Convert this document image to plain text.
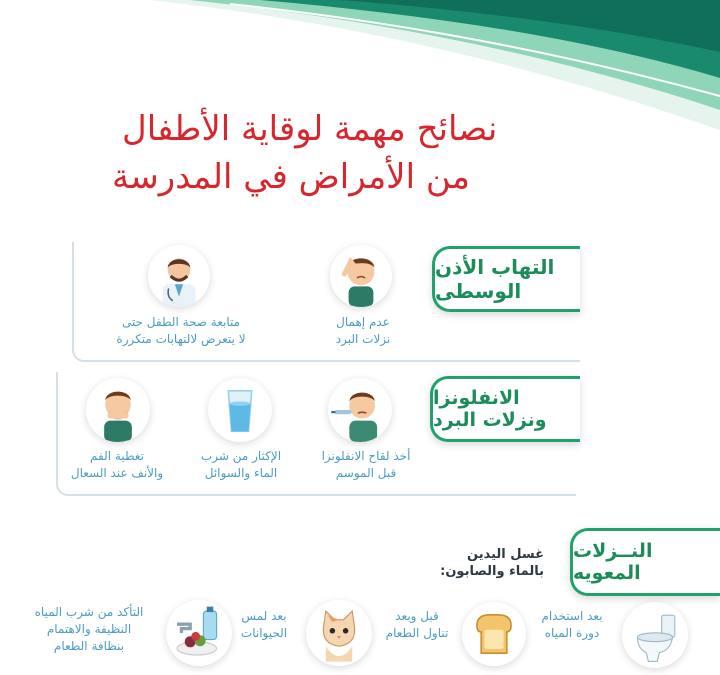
نصائح مهمة لوقاية الأطفال
من الأمراض في المدرسة
التهاب الأذن
الوسطى
عدم إهمال
نزلات البرد
متابعة صحة الطفل حتى
لا يتعرض لالتهابات متكررة
الانفلونزا
ونزلات البرد
أخذ لقاح الانفلونزا
قبل الموسم
الإكثار من شرب
الماء والسوائل
تغطية الفم
والأنف عند السعال
النــزلات
المعويه
غسل اليدين
بالماء والصابون:
بعد استخدام
دورة المياه
قبل وبعد
تناول الطعام
بعد لمس
الحيوانات
التأكد من شرب المياه
النظيفة والاهتمام
بنظافة الطعام
